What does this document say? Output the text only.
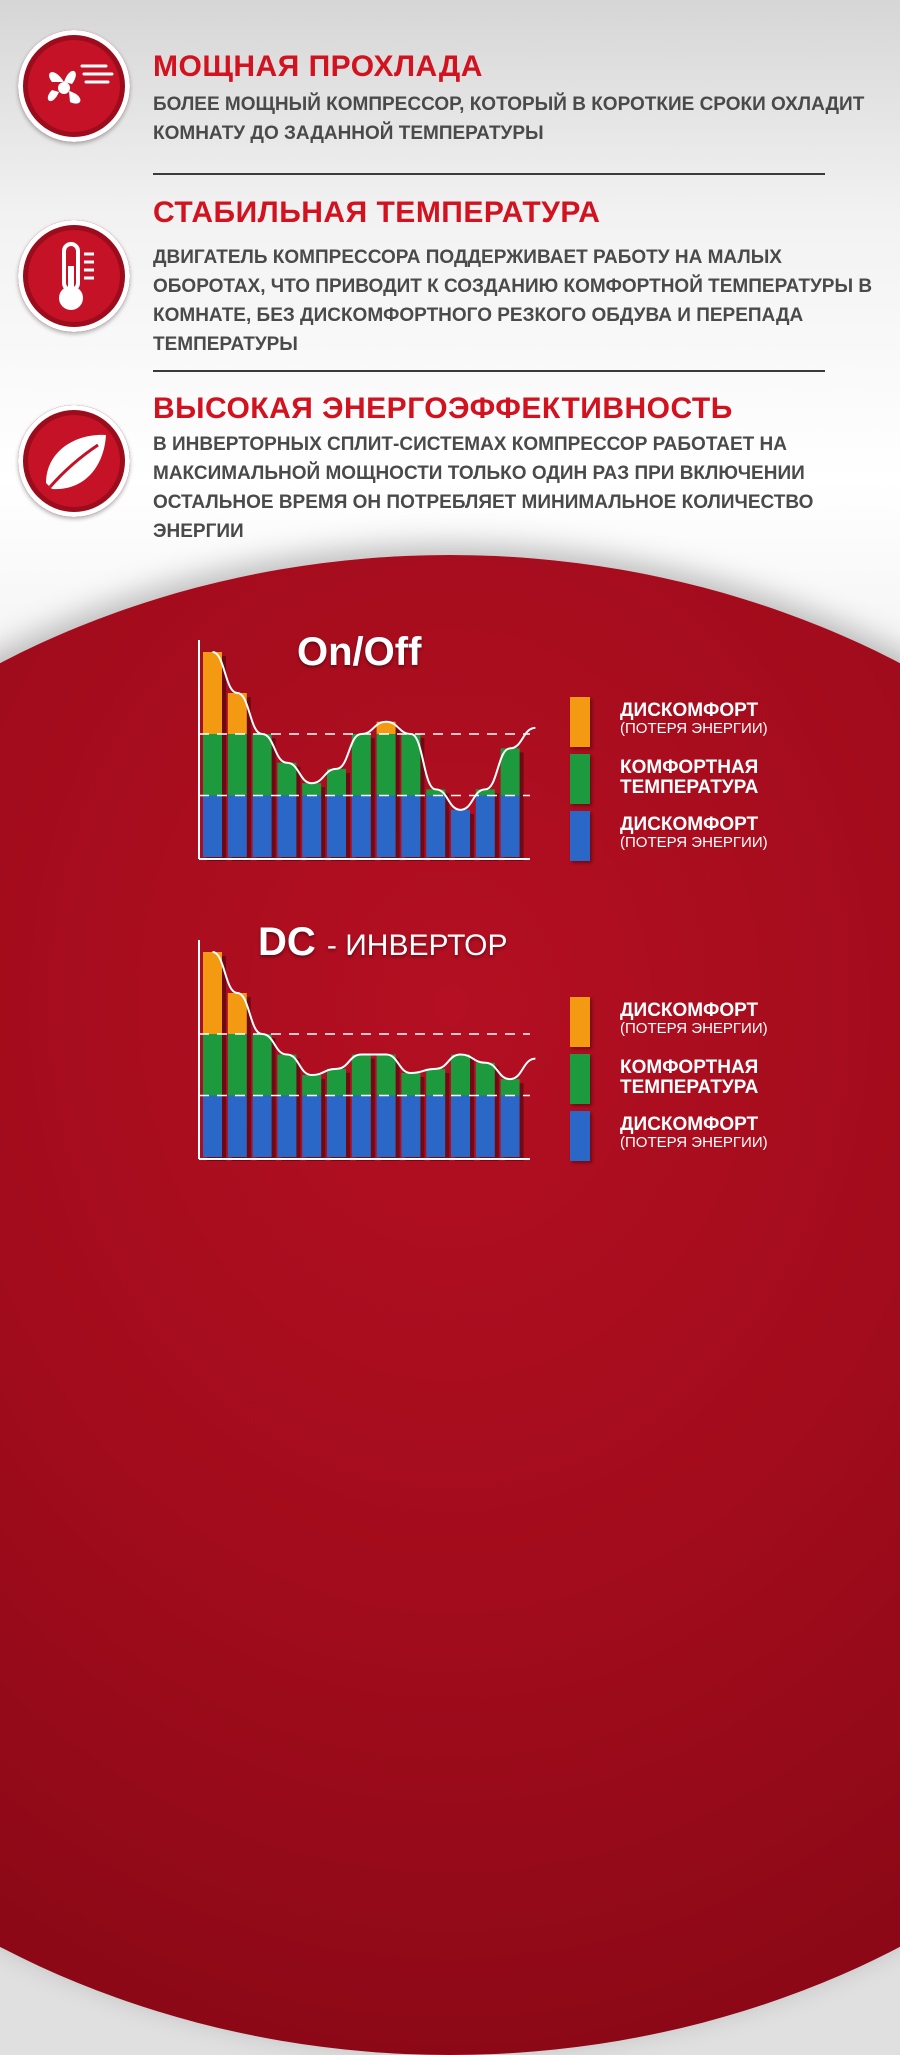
МОЩНАЯ ПРОХЛАДА

БОЛЕЕ МОЩНЫЙ КОМПРЕССОР, КОТОРЫЙ В КОРОТКИЕ СРОКИ ОХЛАДИТ КОМНАТУ ДО ЗАДАННОЙ ТЕМПЕРАТУРЫ

СТАБИЛЬНАЯ ТЕМПЕРАТУРА

ДВИГАТЕЛЬ КОМПРЕССОРА ПОДДЕРЖИВАЕТ РАБОТУ НА МАЛЫХ ОБОРОТАХ, ЧТО ПРИВОДИТ К СОЗДАНИЮ КОМФОРТНОЙ ТЕМПЕРАТУРЫ В КОМНАТЕ, БЕЗ ДИСКОМФОРТНОГО РЕЗКОГО ОБДУВА И ПЕРЕПАДА ТЕМПЕРАТУРЫ

ВЫСОКАЯ ЭНЕРГОЭФФЕКТИВНОСТЬ

В ИНВЕРТОРНЫХ СПЛИТ-СИСТЕМАХ КОМПРЕССОР РАБОТАЕТ НА МАКСИМАЛЬНОЙ МОЩНОСТИ ТОЛЬКО ОДИН РАЗ ПРИ ВКЛЮЧЕНИИ ОСТАЛЬНОЕ ВРЕМЯ ОН ПОТРЕБЛЯЕТ МИНИМАЛЬНОЕ КОЛИЧЕСТВО ЭНЕРГИИ

On/Off

ДИСКОМФОРТ

(ПОТЕРЯ ЭНЕРГИИ)

КОМФОРТНАЯ
ТЕМПЕРАТУРА

ДИСКОМФОРТ

(ПОТЕРЯ ЭНЕРГИИ)

DC - ИНВЕРТОР

ДИСКОМФОРТ

(ПОТЕРЯ ЭНЕРГИИ)

КОМФОРТНАЯ
ТЕМПЕРАТУРА

ДИСКОМФОРТ

(ПОТЕРЯ ЭНЕРГИИ)
